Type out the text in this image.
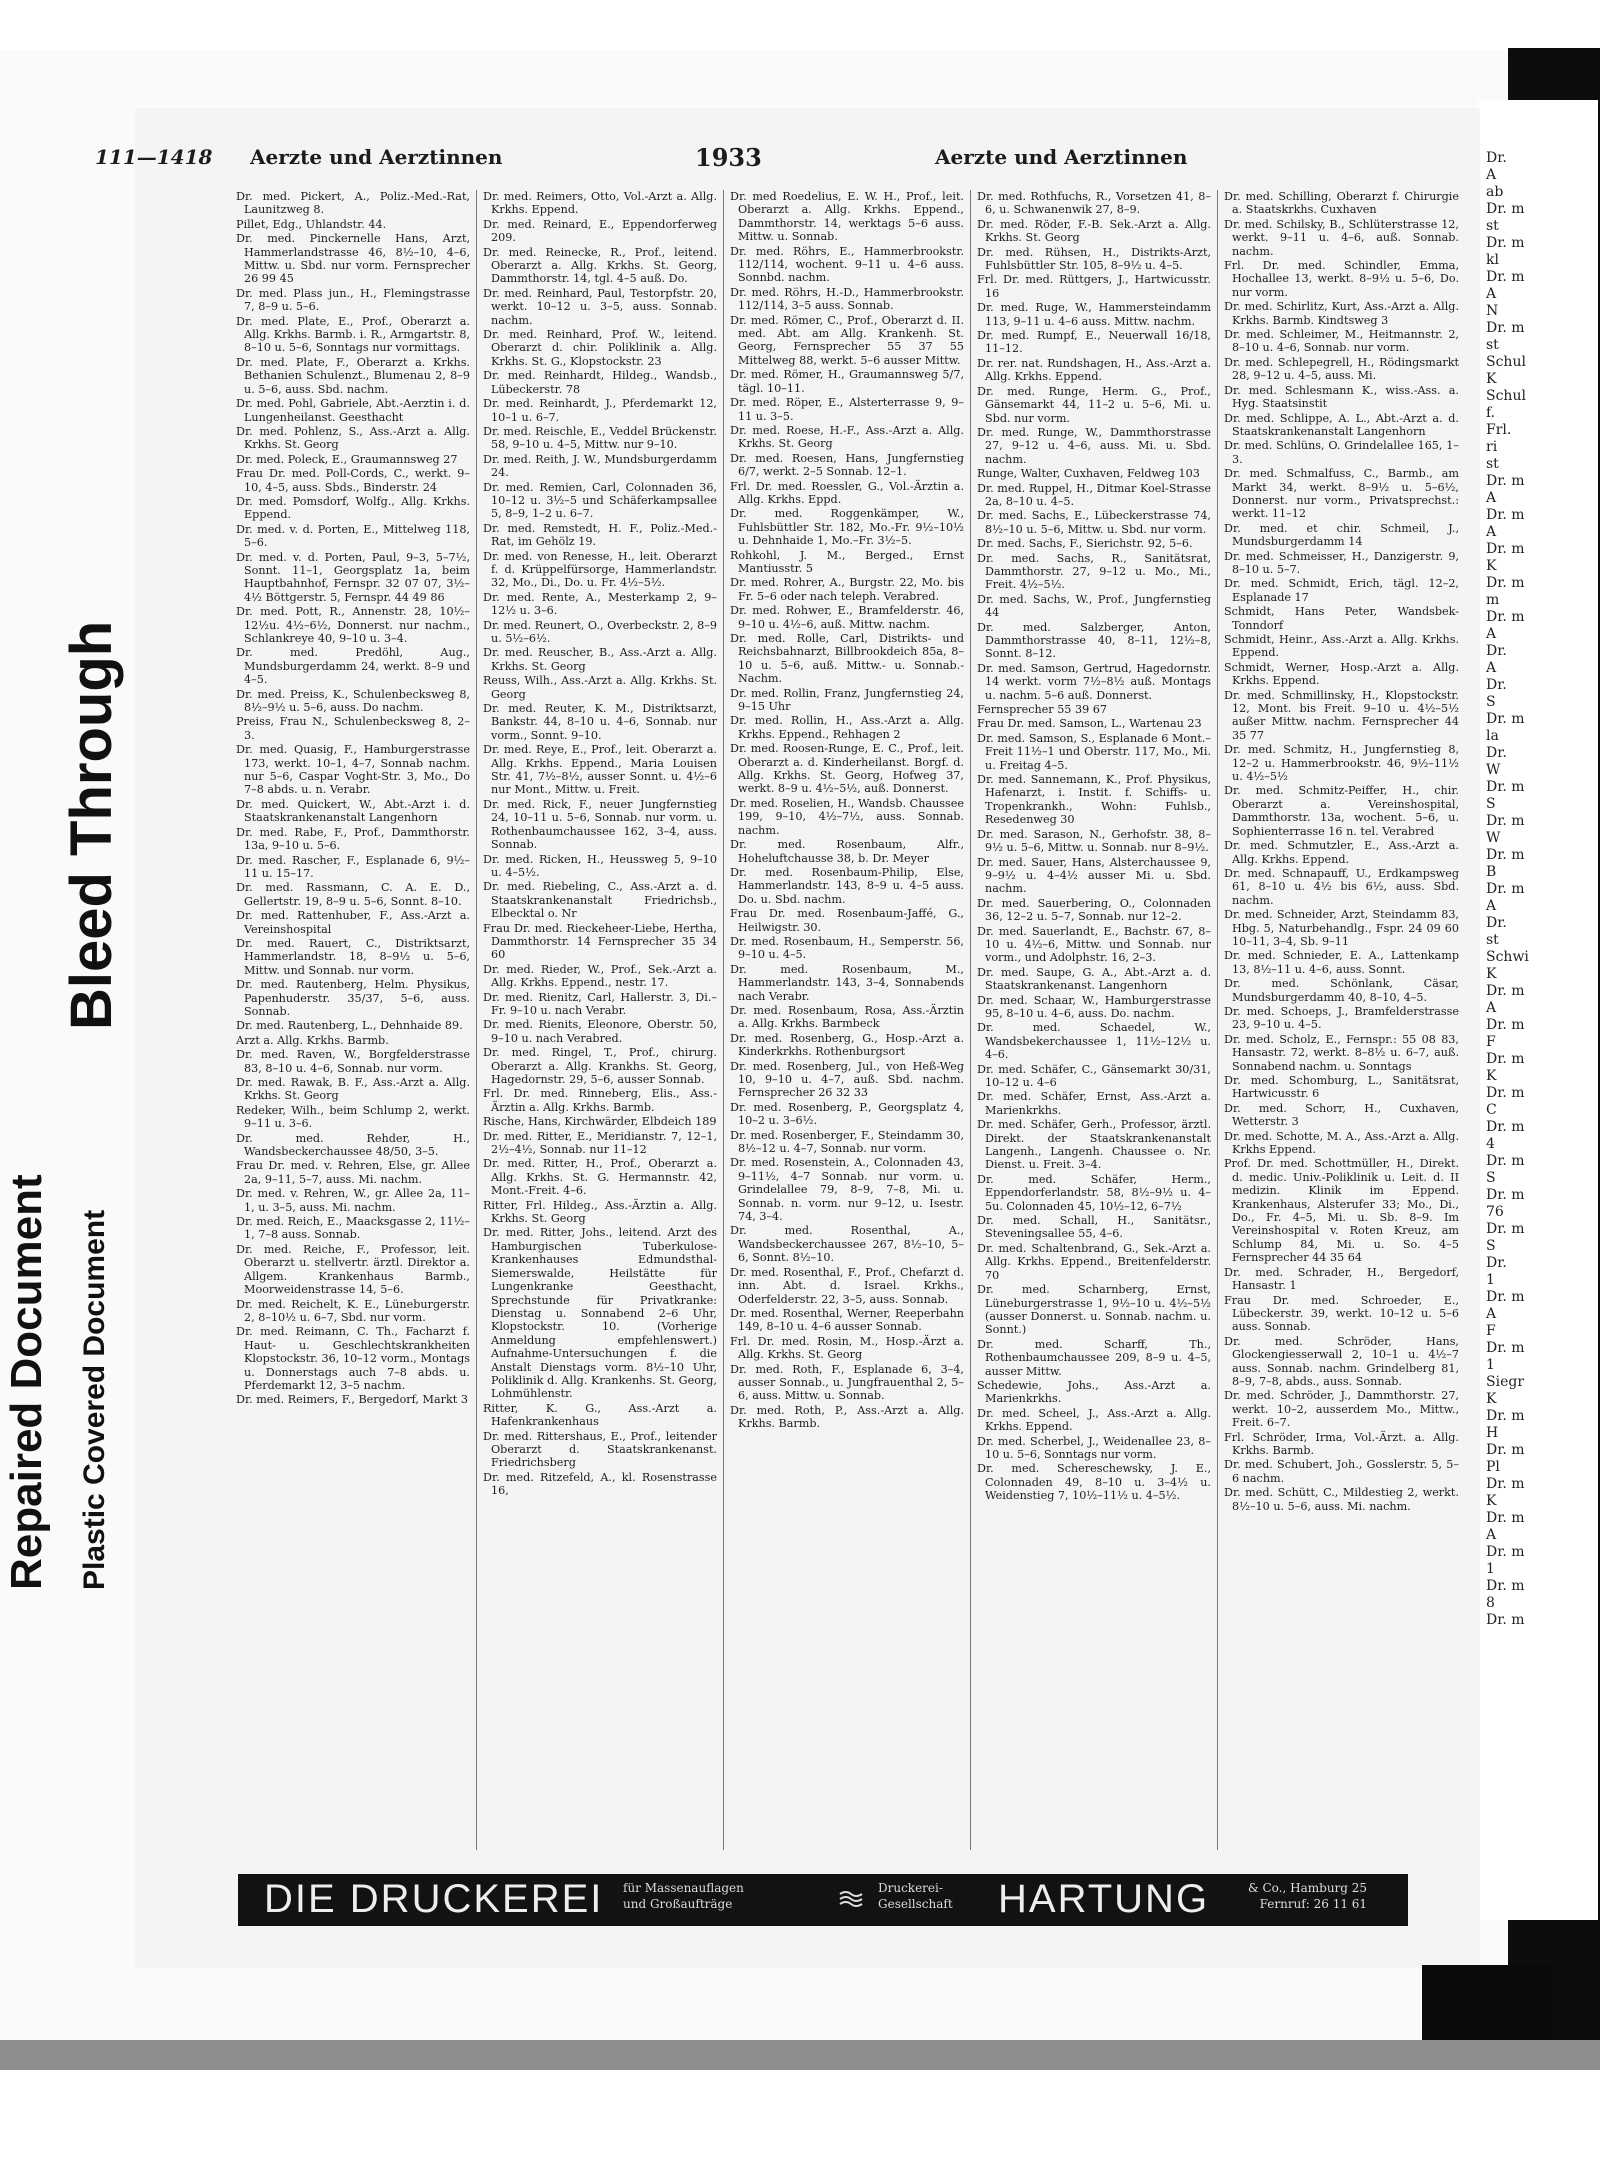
Dr.
A
ab
Dr. m
st
Dr. m
kl
Dr. m
A
N
Dr. m
st
Schul
K
Schul
f.
Frl.
ri
st
Dr. m
A
Dr. m
A
Dr. m
K
Dr. m
m
Dr. m
A
Dr.
A
Dr.
S
Dr. m
la
Dr.
W
Dr. m
S
Dr. m
W
Dr. m
B
Dr. m
A
Dr.
st
Schwi
K
Dr. m
A
Dr. m
F
Dr. m
K
Dr. m
C
Dr. m
4
Dr. m
S
Dr. m
76
Dr. m
S
Dr.
1
Dr. m
A
F
Dr. m
1
Siegr
K
Dr. m
H
Dr. m
Pl
Dr. m
K
Dr. m
A
Dr. m
1
Dr. m
8
Dr. m
Repaired Document Plastic Covered Document
Bleed Through
111—1418 Aerzte und Aerztinnen	1933	Aerzte und Aerztinnen
Dr. med. Pickert, A., Poliz.-Med.-Rat, Launitzweg 8.
Pillet, Edg., Uhlandstr. 44.
Dr. med. Pinckernelle Hans, Arzt, Hammerlandstrasse 46, 8½–10, 4–6, Mittw. u. Sbd. nur vorm. Fernsprecher 26 99 45
Dr. med. Plass jun., H., Flemingstrasse 7, 8–9 u. 5–6.
Dr. med. Plate, E., Prof., Oberarzt a. Allg. Krkhs. Barmb. i. R., Armgartstr. 8, 8–10 u. 5–6, Sonntags nur vormittags.
Dr. med. Plate, F., Oberarzt a. Krkhs. Bethanien Schulenzt., Blumenau 2, 8–9 u. 5–6, auss. Sbd. nachm.
Dr. med. Pohl, Gabriele, Abt.-Aerztin i. d. Lungenheilanst. Geesthacht
Dr. med. Pohlenz, S., Ass.-Arzt a. Allg. Krkhs. St. Georg
Dr. med. Poleck, E., Graumannsweg 27
Frau Dr. med. Poll-Cords, C., werkt. 9–10, 4–5, auss. Sbds., Binderstr. 24
Dr. med. Pomsdorf, Wolfg., Allg. Krkhs. Eppend.
Dr. med. v. d. Porten, E., Mittelweg 118, 5–6.
Dr. med. v. d. Porten, Paul, 9–3, 5–7½, Sonnt. 11–1, Georgsplatz 1a, beim Hauptbahnhof, Fernspr. 32 07 07, 3½–4½ Böttgerstr. 5, Fernspr. 44 49 86
Dr. med. Pott, R., Annenstr. 28, 10½–12½u. 4½–6½, Donnerst. nur nachm., Schlankreye 40, 9–10 u. 3–4.
Dr. med. Predöhl, Aug., Mundsburgerdamm 24, werkt. 8–9 und 4–5.
Dr. med. Preiss, K., Schulenbecksweg 8, 8½–9½ u. 5–6, auss. Do nachm.
Preiss, Frau N., Schulenbecksweg 8, 2–3.
Dr. med. Quasig, F., Hamburgerstrasse 173, werkt. 10–1, 4–7, Sonnab nachm. nur 5–6, Caspar Voght-Str. 3, Mo., Do 7–8 abds. u. n. Verabr.
Dr. med. Quickert, W., Abt.-Arzt i. d. Staatskrankenanstalt Langenhorn
Dr. med. Rabe, F., Prof., Dammthorstr. 13a, 9–10 u. 5–6.
Dr. med. Rascher, F., Esplanade 6, 9½–11 u. 15–17.
Dr. med. Rassmann, C. A. E. D., Gellertstr. 19, 8–9 u. 5–6, Sonnt. 8–10.
Dr. med. Rattenhuber, F., Ass.-Arzt a. Vereinshospital
Dr. med. Rauert, C., Distriktsarzt, Hammerlandstr. 18, 8–9½ u. 5–6, Mittw. und Sonnab. nur vorm.
Dr. med. Rautenberg, Helm. Physikus, Papenhuderstr. 35/37, 5–6, auss. Sonnab.
Dr. med. Rautenberg, L., Dehnhaide 89.
Arzt a. Allg. Krkhs. Barmb.
Dr. med. Raven, W., Borgfelderstrasse 83, 8–10 u. 4–6, Sonnab. nur vorm.
Dr. med. Rawak, B. F., Ass.-Arzt a. Allg. Krkhs. St. Georg
Redeker, Wilh., beim Schlump 2, werkt. 9–11 u. 3–6.
Dr. med. Rehder, H., Wandsbeckerchaussee 48/50, 3–5.
Frau Dr. med. v. Rehren, Else, gr. Allee 2a, 9–11, 5–7, auss. Mi. nachm.
Dr. med. v. Rehren, W., gr. Allee 2a, 11–1, u. 3–5, auss. Mi. nachm.
Dr. med. Reich, E., Maacksgasse 2, 11½–1, 7–8 auss. Sonnab.
Dr. med. Reiche, F., Professor, leit. Oberarzt u. stellvertr. ärztl. Direktor a. Allgem. Krankenhaus Barmb., Moorweidenstrasse 14, 5–6.
Dr. med. Reichelt, K. E., Lüneburgerstr. 2, 8–10½ u. 6–7, Sbd. nur vorm.
Dr. med. Reimann, C. Th., Facharzt f. Haut- u. Geschlechtskrankheiten Klopstockstr. 36, 10–12 vorm., Montags u. Donnerstags auch 7–8 abds. u. Pferdemarkt 12, 3–5 nachm.
Dr. med. Reimers, F., Bergedorf, Markt 3
Dr. med. Reimers, Otto, Vol.-Arzt a. Allg. Krkhs. Eppend.
Dr. med. Reinard, E., Eppendorferweg 209.
Dr. med. Reinecke, R., Prof., leitend. Oberarzt a. Allg. Krkhs. St. Georg, Dammthorstr. 14, tgl. 4–5 auß. Do.
Dr. med. Reinhard, Paul, Testorpfstr. 20, werkt. 10–12 u. 3–5, auss. Sonnab. nachm.
Dr. med. Reinhard, Prof. W., leitend. Oberarzt d. chir. Poliklinik a. Allg. Krkhs. St. G., Klopstockstr. 23
Dr. med. Reinhardt, Hildeg., Wandsb., Lübeckerstr. 78
Dr. med. Reinhardt, J., Pferdemarkt 12, 10–1 u. 6–7.
Dr. med. Reischle, E., Veddel Brückenstr. 58, 9–10 u. 4–5, Mittw. nur 9–10.
Dr. med. Reith, J. W., Mundsburgerdamm 24.
Dr. med. Remien, Carl, Colonnaden 36, 10–12 u. 3½–5 und Schäferkampsallee 5, 8–9, 1–2 u. 6–7.
Dr. med. Remstedt, H. F., Poliz.-Med.-Rat, im Gehölz 19.
Dr. med. von Renesse, H., leit. Oberarzt f. d. Krüppelfürsorge, Hammerlandstr. 32, Mo., Di., Do. u. Fr. 4½–5½.
Dr. med. Rente, A., Mesterkamp 2, 9–12½ u. 3–6.
Dr. med. Reunert, O., Overbeckstr. 2, 8–9 u. 5½–6½.
Dr. med. Reuscher, B., Ass.-Arzt a. Allg. Krkhs. St. Georg
Reuss, Wilh., Ass.-Arzt a. Allg. Krkhs. St. Georg
Dr. med. Reuter, K. M., Distriktsarzt, Bankstr. 44, 8–10 u. 4–6, Sonnab. nur vorm., Sonnt. 9–10.
Dr. med. Reye, E., Prof., leit. Oberarzt a. Allg. Krkhs. Eppend., Maria Louisen Str. 41, 7½–8½, ausser Sonnt. u. 4½–6 nur Mont., Mittw. u. Freit.
Dr. med. Rick, F., neuer Jungfernstieg 24, 10–11 u. 5–6, Sonnab. nur vorm. u. Rothenbaumchaussee 162, 3–4, auss. Sonnab.
Dr. med. Ricken, H., Heussweg 5, 9–10 u. 4–5½.
Dr. med. Riebeling, C., Ass.-Arzt a. d. Staatskrankenanstalt Friedrichsb., Elbecktal o. Nr
Frau Dr. med. Rieckeheer-Liebe, Hertha, Dammthorstr. 14 Fernsprecher 35 34 60
Dr. med. Rieder, W., Prof., Sek.-Arzt a. Allg. Krkhs. Eppend., nestr. 17.
Dr. med. Rienitz, Carl, Hallerstr. 3, Di.–Fr. 9–10 u. nach Verabr.
Dr. med. Rienits, Eleonore, Oberstr. 50, 9–10 u. nach Verabred.
Dr. med. Ringel, T., Prof., chirurg. Oberarzt a. Allg. Krankhs. St. Georg, Hagedornstr. 29, 5–6, ausser Sonnab.
Frl. Dr. med. Rinneberg, Elis., Ass.-Ärztin a. Allg. Krkhs. Barmb.
Rische, Hans, Kirchwärder, Elbdeich 189
Dr. med. Ritter, E., Meridianstr. 7, 12–1, 2½–4½, Sonnab. nur 11–12
Dr. med. Ritter, H., Prof., Oberarzt a. Allg. Krkhs. St. G. Hermannstr. 42, Mont.-Freit. 4–6.
Ritter, Frl. Hildeg., Ass.-Ärztin a. Allg. Krkhs. St. Georg
Dr. med. Ritter, Johs., leitend. Arzt des Hamburgischen Tuberkulose-Krankenhauses Edmundsthal-Siemerswalde, Heilstätte für Lungenkranke Geesthacht, Sprechstunde für Privatkranke: Dienstag u. Sonnabend 2–6 Uhr, Klopstockstr. 10. (Vorherige Anmeldung empfehlenswert.) Aufnahme-Untersuchungen f. die Anstalt Dienstags vorm. 8½–10 Uhr, Poliklinik d. Allg. Krankenhs. St. Georg, Lohmühlenstr.
Ritter, K. G., Ass.-Arzt a. Hafenkrankenhaus
Dr. med. Rittershaus, E., Prof., leitender Oberarzt d. Staatskrankenanst. Friedrichsberg
Dr. med. Ritzefeld, A., kl. Rosenstrasse 16,
Dr. med Roedelius, E. W. H., Prof., leit. Oberarzt a. Allg. Krkhs. Eppend., Dammthorstr. 14, werktags 5–6 auss. Mittw. u. Sonnab.
Dr. med. Röhrs, E., Hammerbrookstr. 112/114, wochent. 9–11 u. 4–6 auss. Sonnbd. nachm.
Dr. med. Röhrs, H.-D., Hammerbrookstr. 112/114, 3–5 auss. Sonnab.
Dr. med. Römer, C., Prof., Oberarzt d. II. med. Abt. am Allg. Krankenh. St. Georg, Fernsprecher 55 37 55 Mittelweg 88, werkt. 5–6 ausser Mittw.
Dr. med. Römer, H., Graumannsweg 5/7, tägl. 10–11.
Dr. med. Röper, E., Alsterterrasse 9, 9–11 u. 3–5.
Dr. med. Roese, H.-F., Ass.-Arzt a. Allg. Krkhs. St. Georg
Dr. med. Roesen, Hans, Jungfernstieg 6/7, werkt. 2–5 Sonnab. 12–1.
Frl. Dr. med. Roessler, G., Vol.-Ärztin a. Allg. Krkhs. Eppd.
Dr. med. Roggenkämper, W., Fuhlsbüttler Str. 182, Mo.-Fr. 9½–10½ u. Dehnhaide 1, Mo.–Fr. 3½–5.
Rohkohl, J. M., Berged., Ernst Mantiusstr. 5
Dr. med. Rohrer, A., Burgstr. 22, Mo. bis Fr. 5–6 oder nach teleph. Verabred.
Dr. med. Rohwer, E., Bramfelderstr. 46, 9–10 u. 4½–6, auß. Mittw. nachm.
Dr. med. Rolle, Carl, Distrikts- und Reichsbahnarzt, Billbrookdeich 85a, 8–10 u. 5–6, auß. Mittw.- u. Sonnab.-Nachm.
Dr. med. Rollin, Franz, Jungfernstieg 24, 9–15 Uhr
Dr. med. Rollin, H., Ass.-Arzt a. Allg. Krkhs. Eppend., Rehhagen 2
Dr. med. Roosen-Runge, E. C., Prof., leit. Oberarzt a. d. Kinderheilanst. Borgf. d. Allg. Krkhs. St. Georg, Hofweg 37, werkt. 8–9 u. 4½–5½, auß. Donnerst.
Dr. med. Roselien, H., Wandsb. Chaussee 199, 9–10, 4½–7½, auss. Sonnab. nachm.
Dr. med. Rosenbaum, Alfr., Hoheluftchausse 38, b. Dr. Meyer
Dr. med. Rosenbaum-Philip, Else, Hammerlandstr. 143, 8–9 u. 4–5 auss. Do. u. Sbd. nachm.
Frau Dr. med. Rosenbaum-Jaffé, G., Heilwigstr. 30.
Dr. med. Rosenbaum, H., Semperstr. 56, 9–10 u. 4–5.
Dr. med. Rosenbaum, M., Hammerlandstr. 143, 3–4, Sonnabends nach Verabr.
Dr. med. Rosenbaum, Rosa, Ass.-Ärztin a. Allg. Krkhs. Barmbeck
Dr. med. Rosenberg, G., Hosp.-Arzt a. Kinderkrkhs. Rothenburgsort
Dr. med. Rosenberg, Jul., von Heß-Weg 10, 9–10 u. 4–7, auß. Sbd. nachm. Fernsprecher 26 32 33
Dr. med. Rosenberg, P., Georgsplatz 4, 10–2 u. 3–6½.
Dr. med. Rosenberger, F., Steindamm 30, 8½–12 u. 4–7, Sonnab. nur vorm.
Dr. med. Rosenstein, A., Colonnaden 43, 9–11½, 4–7 Sonnab. nur vorm. u. Grindelallee 79, 8–9, 7–8, Mi. u. Sonnab. n. vorm. nur 9–12, u. Isestr. 74, 3–4.
Dr. med. Rosenthal, A., Wandsbeckerchaussee 267, 8½–10, 5–6, Sonnt. 8½–10.
Dr. med. Rosenthal, F., Prof., Chefarzt d. inn. Abt. d. Israel. Krkhs., Oderfelderstr. 22, 3–5, auss. Sonnab.
Dr. med. Rosenthal, Werner, Reeperbahn 149, 8–10 u. 4–6 ausser Sonnab.
Frl. Dr. med. Rosin, M., Hosp.-Ärzt a. Allg. Krkhs. St. Georg
Dr. med. Roth, F., Esplanade 6, 3–4, ausser Sonnab., u. Jungfrauenthal 2, 5–6, auss. Mittw. u. Sonnab.
Dr. med. Roth, P., Ass.-Arzt a. Allg. Krkhs. Barmb.
Dr. med. Rothfuchs, R., Vorsetzen 41, 8–6, u. Schwanenwik 27, 8–9.
Dr. med. Röder, F.-B. Sek.-Arzt a. Allg. Krkhs. St. Georg
Dr. med. Rühsen, H., Distrikts-Arzt, Fuhlsbüttler Str. 105, 8–9½ u. 4–5.
Frl. Dr. med. Rüttgers, J., Hartwicusstr. 16
Dr. med. Ruge, W., Hammersteindamm 113, 9–11 u. 4–6 auss. Mittw. nachm.
Dr. med. Rumpf, E., Neuerwall 16/18, 11–12.
Dr. rer. nat. Rundshagen, H., Ass.-Arzt a. Allg. Krkhs. Eppend.
Dr. med. Runge, Herm. G., Prof., Gänsemarkt 44, 11–2 u. 5–6, Mi. u. Sbd. nur vorm.
Dr. med. Runge, W., Dammthorstrasse 27, 9–12 u. 4–6, auss. Mi. u. Sbd. nachm.
Runge, Walter, Cuxhaven, Feldweg 103
Dr. med. Ruppel, H., Ditmar Koel-Strasse 2a, 8–10 u. 4–5.
Dr. med. Sachs, E., Lübeckerstrasse 74, 8½–10 u. 5–6, Mittw. u. Sbd. nur vorm.
Dr. med. Sachs, F., Sierichstr. 92, 5–6.
Dr. med. Sachs, R., Sanitätsrat, Dammthorstr. 27, 9–12 u. Mo., Mi., Freit. 4½–5½.
Dr. med. Sachs, W., Prof., Jungfernstieg 44
Dr. med. Salzberger, Anton, Dammthorstrasse 40, 8–11, 12½–8, Sonnt. 8–12.
Dr. med. Samson, Gertrud, Hagedornstr. 14 werkt. vorm 7½–8½ auß. Montags u. nachm. 5–6 auß. Donnerst.
Fernsprecher 55 39 67
Frau Dr. med. Samson, L., Wartenau 23
Dr. med. Samson, S., Esplanade 6 Mont.–Freit 11½–1 und Oberstr. 117, Mo., Mi. u. Freitag 4–5.
Dr. med. Sannemann, K., Prof. Physikus, Hafenarzt, i. Instit. f. Schiffs- u. Tropenkrankh., Wohn: Fuhlsb., Resedenweg 30
Dr. med. Sarason, N., Gerhofstr. 38, 8–9½ u. 5–6, Mittw. u. Sonnab. nur 8–9½.
Dr. med. Sauer, Hans, Alsterchaussee 9, 9–9½ u. 4–4½ ausser Mi. u. Sbd. nachm.
Dr. med. Sauerbering, O., Colonnaden 36, 12–2 u. 5–7, Sonnab. nur 12–2.
Dr. med. Sauerlandt, E., Bachstr. 67, 8–10 u. 4½–6, Mittw. und Sonnab. nur vorm., und Adolphstr. 16, 2–3.
Dr. med. Saupe, G. A., Abt.-Arzt a. d. Staatskrankenanst. Langenhorn
Dr. med. Schaar, W., Hamburgerstrasse 95, 8–10 u. 4–6, auss. Do. nachm.
Dr. med. Schaedel, W., Wandsbekerchaussee 1, 11½–12½ u. 4–6.
Dr. med. Schäfer, C., Gänsemarkt 30/31, 10–12 u. 4–6
Dr. med. Schäfer, Ernst, Ass.-Arzt a. Marienkrkhs.
Dr. med. Schäfer, Gerh., Professor, ärztl. Direkt. der Staatskrankenanstalt Langenh., Langenh. Chaussee o. Nr. Dienst. u. Freit. 3–4.
Dr. med. Schäfer, Herm., Eppendorferlandstr. 58, 8½–9½ u. 4–5u. Colonnaden 45, 10½–12, 6–7½
Dr. med. Schall, H., Sanitätsr., Steveningsallee 55, 4–6.
Dr. med. Schaltenbrand, G., Sek.-Arzt a. Allg. Krkhs. Eppend., Breitenfelderstr. 70
Dr. med. Scharnberg, Ernst, Lüneburgerstrasse 1, 9½–10 u. 4½–5½ (ausser Donnerst. u. Sonnab. nachm. u. Sonnt.)
Dr. med. Scharff, Th., Rothenbaumchaussee 209, 8–9 u. 4–5, ausser Mittw.
Schedewie, Johs., Ass.-Arzt a. Marienkrkhs.
Dr. med. Scheel, J., Ass.-Arzt a. Allg. Krkhs. Eppend.
Dr. med. Scherbel, J., Weidenallee 23, 8–10 u. 5–6, Sonntags nur vorm.
Dr. med. Schereschewsky, J. E., Colonnaden 49, 8–10 u. 3–4½ u. Weidenstieg 7, 10½–11½ u. 4–5½.
Dr. med. Schilling, Oberarzt f. Chirurgie a. Staatskrkhs. Cuxhaven
Dr. med. Schilsky, B., Schlüterstrasse 12, werkt. 9–11 u. 4–6, auß. Sonnab. nachm.
Frl. Dr. med. Schindler, Emma, Hochallee 13, werkt. 8–9½ u. 5–6, Do. nur vorm.
Dr. med. Schirlitz, Kurt, Ass.-Arzt a. Allg. Krkhs. Barmb. Kindtsweg 3
Dr. med. Schleimer, M., Heitmannstr. 2, 8–10 u. 4–6, Sonnab. nur vorm.
Dr. med. Schlepegrell, H., Rödingsmarkt 28, 9–12 u. 4–5, auss. Mi.
Dr. med. Schlesmann K., wiss.-Ass. a. Hyg. Staatsinstit
Dr. med. Schlippe, A. L., Abt.-Arzt a. d. Staatskrankenanstalt Langenhorn
Dr. med. Schlüns, O. Grindelallee 165, 1–3.
Dr. med. Schmalfuss, C., Barmb., am Markt 34, werkt. 8–9½ u. 5–6½, Donnerst. nur vorm., Privatsprechst.: werkt. 11–12
Dr. med. et chir. Schmeil, J., Mundsburgerdamm 14
Dr. med. Schmeisser, H., Danzigerstr. 9, 8–10 u. 5–7.
Dr. med. Schmidt, Erich, tägl. 12–2, Esplanade 17
Schmidt, Hans Peter, Wandsbek-Tonndorf
Schmidt, Heinr., Ass.-Arzt a. Allg. Krkhs. Eppend.
Schmidt, Werner, Hosp.-Arzt a. Allg. Krkhs. Eppend.
Dr. med. Schmillinsky, H., Klopstockstr. 12, Mont. bis Freit. 9–10 u. 4½–5½ außer Mittw. nachm. Fernsprecher 44 35 77
Dr. med. Schmitz, H., Jungfernstieg 8, 12–2 u. Hammerbrookstr. 46, 9½–11½ u. 4½–5½
Dr. med. Schmitz-Peiffer, H., chir. Oberarzt a. Vereinshospital, Dammthorstr. 13a, wochent. 5–6, u. Sophienterrasse 16 n. tel. Verabred
Dr. med. Schmutzler, E., Ass.-Arzt a. Allg. Krkhs. Eppend.
Dr. med. Schnapauff, U., Erdkampsweg 61, 8–10 u. 4½ bis 6½, auss. Sbd. nachm.
Dr. med. Schneider, Arzt, Steindamm 83, Hbg. 5, Naturbehandlg., Fspr. 24 09 60 10–11, 3–4, Sb. 9–11
Dr. med. Schnieder, E. A., Lattenkamp 13, 8½–11 u. 4–6, auss. Sonnt.
Dr. med. Schönlank, Cäsar, Mundsburgerdamm 40, 8–10, 4–5.
Dr. med. Schoeps, J., Bramfelderstrasse 23, 9–10 u. 4–5.
Dr. med. Scholz, E., Fernspr.: 55 08 83, Hansastr. 72, werkt. 8–8½ u. 6–7, auß. Sonnabend nachm. u. Sonntags
Dr. med. Schomburg, L., Sanitätsrat, Hartwicusstr. 6
Dr. med. Schorr, H., Cuxhaven, Wetterstr. 3
Dr. med. Schotte, M. A., Ass.-Arzt a. Allg. Krkhs Eppend.
Prof. Dr. med. Schottmüller, H., Direkt. d. medic. Univ.-Poliklinik u. Leit. d. II medizin. Klinik im Eppend. Krankenhaus, Alsterufer 33; Mo., Di., Do., Fr. 4–5, Mi. u. Sb. 8–9. Im Vereinshospital v. Roten Kreuz, am Schlump 84, Mi. u. So. 4–5 Fernsprecher 44 35 64
Dr. med. Schrader, H., Bergedorf, Hansastr. 1
Frau Dr. med. Schroeder, E., Lübeckerstr. 39, werkt. 10–12 u. 5–6 auss. Sonnab.
Dr. med. Schröder, Hans, Glockengiesserwall 2, 10–1 u. 4½–7 auss. Sonnab. nachm. Grindelberg 81, 8–9, 7–8, abds., auss. Sonnab.
Dr. med. Schröder, J., Dammthorstr. 27, werkt. 10–2, ausserdem Mo., Mittw., Freit. 6–7.
Frl. Schröder, Irma, Vol.-Ärzt. a. Allg. Krkhs. Barmb.
Dr. med. Schubert, Joh., Gosslerstr. 5, 5–6 nachm.
Dr. med. Schütt, C., Mildestieg 2, werkt. 8½–10 u. 5–6, auss. Mi. nachm.
DIE DRUCKEREI für Massenauflagen
und Großaufträge
Druckerei-
Gesellschaft HARTUNG	& Co., Hamburg 25
Fernruf: 26 11 61
